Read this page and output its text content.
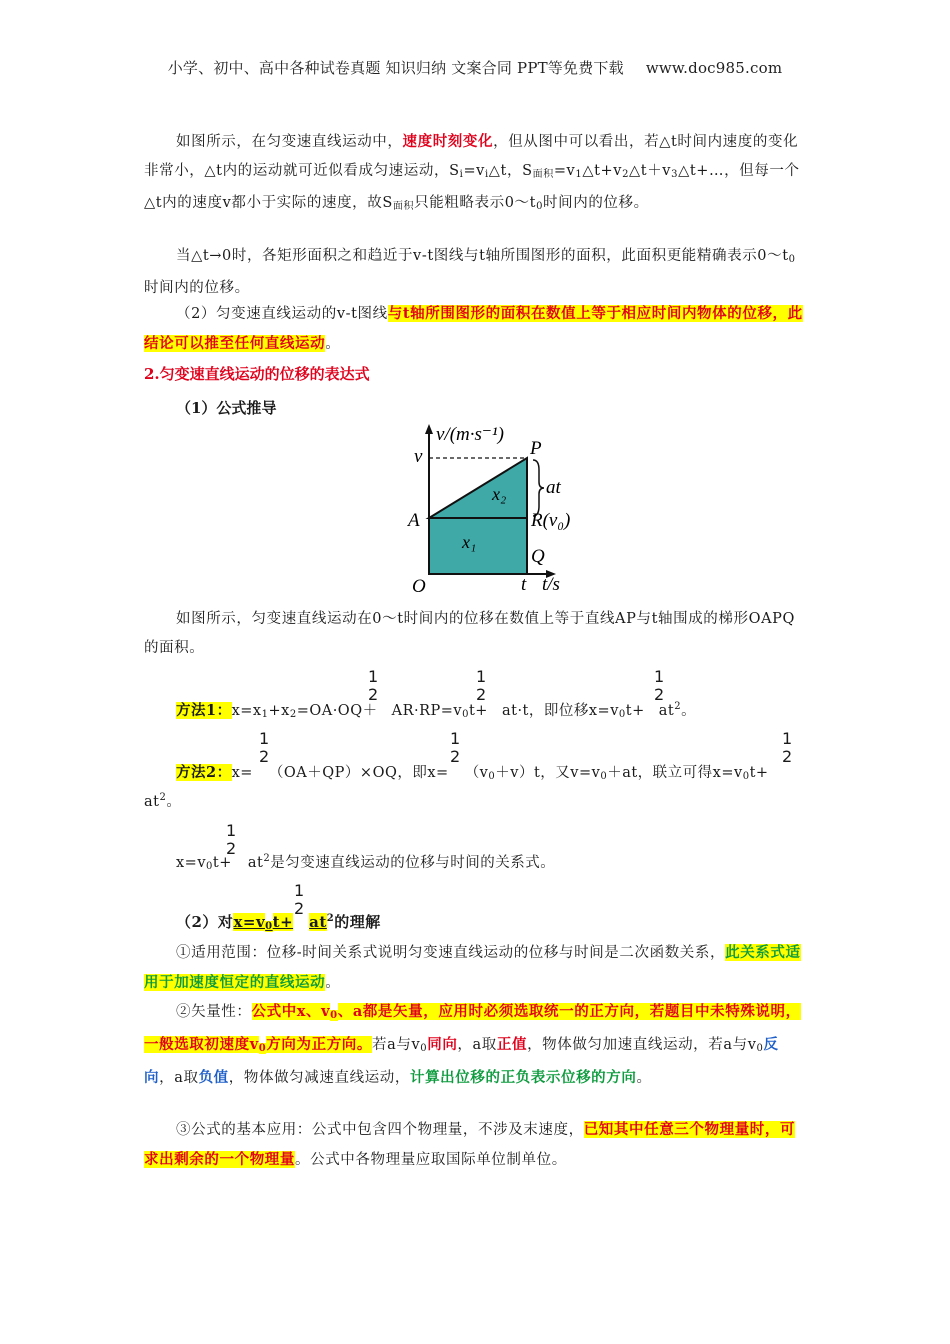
小学、初中、高中各种试卷真题 知识归纳 文案合同 PPT等免费下载 www.doc985.com
如图所示，在匀变速直线运动中，速度时刻变化，但从图中可以看出，若△t时间内速度的变化非常小，△t内的运动就可近似看成匀速运动，$S_i=v_i\triangle t$，$S_{面积}=v_1\triangle t+v_2\triangle t+v_3\triangle t+\dots$，但每一个△t内的速度v都小于实际的速度，故$S_{面积}$只能粗略表示$0\sim t_0$时间内的位移。
当△t→0时，各矩形面积之和趋近于v-t图线与t轴所围图形的面积，此面积更能精确表示$0\sim t_0$时间内的位移。
（2）匀变速直线运动的v-t图线与t轴所围图形的面积在数值上等于相应时间内物体的位移，此结论可以推至任何直线运动。
2.匀变速直线运动的位移的表达式
（1）公式推导
v/(m·s⁻¹)
v	P
at
x₂
A	R(v₀)
x₁
Q
O	t t/s
如图所示，匀变速直线运动在0～t时间内的位移在数值上等于直线AP与t轴围成的梯形OAPQ的面积。
1
2
1
2
1
2
方法1：$x=x_1+x_2=OA\cdot OQ+ AR\cdot RP=v_0t+ at\cdot t$，即位移$x=v_0t+ at^2$。
1
2
1
2
1
2
方法2：x= （OA＋QP）×OQ，即$x= (v_0+v)t$，又$v=v_0+at$，联立可得$x=v_0t+$
$at^2$。
1
2
$x=v_0t+ at^2$是匀变速直线运动的位移与时间的关系式。
1
2
（2）对$x=v_0t+ at^2$的理解
①适用范围：位移-时间关系式说明匀变速直线运动的位移与时间是二次函数关系，此关系式适用于加速度恒定的直线运动。
②矢量性：公式中x、$v_0$、a都是矢量，应用时必须选取统一的正方向，若题目中未特殊说明，一般选取初速度$v_0$方向为正方向。若a与$v_0$同向，a取正值，物体做匀加速直线运动，若a与$v_0$反向，a取负值，物体做匀减速直线运动，计算出位移的正负表示位移的方向。
③公式的基本应用：公式中包含四个物理量，不涉及末速度，已知其中任意三个物理量时，可求出剩余的一个物理量。公式中各物理量应取国际单位制单位。
